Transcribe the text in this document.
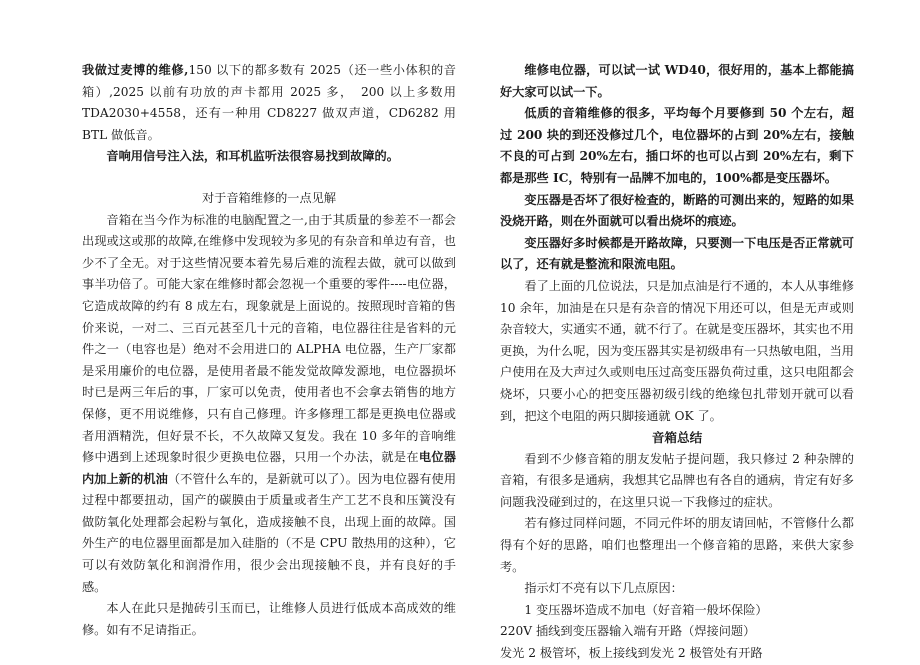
我做过麦博的维修,150 以下的都多数有 2025（还一些小体积的音箱）,2025 以前有功放的声卡都用 2025 多，　200 以上多数用 TDA2030+4558，还有一种用 CD8227 做双声道，CD6282 用 BTL 做低音。

音响用信号注入法，和耳机监听法很容易找到故障的。

对于音箱维修的一点见解

音箱在当今作为标准的电脑配置之一,由于其质量的参差不一都会出现或这或那的故障,在维修中发现较为多见的有杂音和单边有音，也少不了全无。对于这些情况要本着先易后难的流程去做，就可以做到事半功倍了。可能大家在维修时都会忽视一个重要的零件----电位器，它造成故障的约有 8 成左右，现象就是上面说的。按照现时音箱的售价来说，一对二、三百元甚至几十元的音箱，电位器往往是省料的元件之一（电容也是）绝对不会用进口的 ALPHA 电位器，生产厂家都是采用廉价的电位器，是使用者最不能发觉故障发源地，电位器损坏时已是两三年后的事，厂家可以免责，使用者也不会拿去销售的地方保修，更不用说维修，只有自己修理。许多修理工都是更换电位器或者用酒精洗，但好景不长，不久故障又复发。我在 10 多年的音响维修中遇到上述现象时很少更换电位器，只用一个办法，就是在电位器内加上新的机油（不管什么车的，是新就可以了）。因为电位器有使用过程中都要扭动，国产的碳膜由于质量或者生产工艺不良和压簧没有做防氧化处理都会起粉与氧化，造成接触不良，出现上面的故障。国外生产的电位器里面都是加入硅脂的（不是 CPU 散热用的这种），它可以有效防氧化和润滑作用，很少会出现接触不良，并有良好的手感。

本人在此只是抛砖引玉而已，让维修人员进行低成本高成效的维修。如有不足请指正。

维修电位器，可以试一试 WD40，很好用的，基本上都能搞好大家可以试一下。

低质的音箱维修的很多，平均每个月要修到 50 个左右，超过 200 块的到还没修过几个，电位器坏的占到 20%左右，接触不良的可占到 20%左右，插口坏的也可以占到 20%左右，剩下都是那些 IC，特别有一品牌不加电的，100%都是变压器坏。

变压器是否坏了很好检查的，断路的可测出来的，短路的如果没烧开路，则在外面就可以看出烧坏的痕迹。

变压器好多时候都是开路故障，只要测一下电压是否正常就可以了，还有就是整流和限流电阻。

看了上面的几位说法，只是加点油是行不通的，本人从事维修 10 余年，加油是在只是有杂音的情况下用还可以，但是无声或则杂音较大，实通实不通，就不行了。在就是变压器坏，其实也不用更换，为什么呢，因为变压器其实是初级串有一只热敏电阻，当用户使用在及大声过久或则电压过高变压器负荷过重，这只电阻都会烧坏，只要小心的把变压器初级引线的绝缘包扎带划开就可以看到，把这个电阻的两只脚接通就 OK 了。

音箱总结

看到不少修音箱的朋友发帖子提问题，我只修过 2 种杂牌的音箱，有很多是通病，我想其它品牌也有各自的通病，肯定有好多问题我没碰到过的，在这里只说一下我修过的症状。

若有修过同样问题，不同元件坏的朋友请回帖，不管修什么都得有个好的思路，咱们也整理出一个修音箱的思路，来供大家参考。

指示灯不亮有以下几点原因：

1 变压器坏造成不加电（好音箱一般坏保险）

220V 插线到变压器输入端有开路（焊接问题）

发光 2 极管坏，板上接线到发光 2 极管处有开路
